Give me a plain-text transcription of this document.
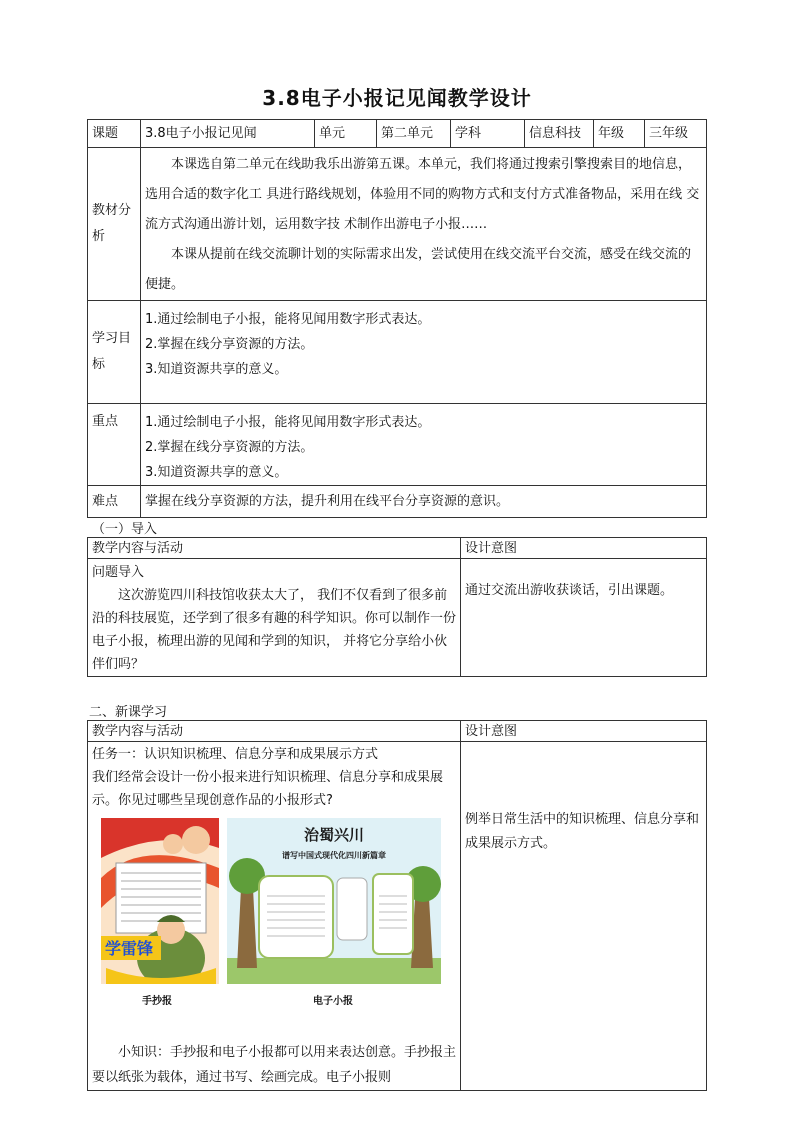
3.8电子小报记见闻教学设计
课题	3.8电子小报记见闻	单元	第二单元	学科	信息科技	年级	三年级
教材分析	本课选自第二单元在线助我乐出游第五课。本单元，我们将通过搜索引擎搜索目的地信息，选用合适的数字化工 具进行路线规划，体验用不同的购物方式和支付方式准备物品，采用在线 交流方式沟通出游计划，运用数字技 术制作出游电子小报……

本课从提前在线交流聊计划的实际需求出发，尝试使用在线交流平台交流，感受在线交流的便捷。						

学习目标	1.通过绘制电子小报，能将见闻用数字形式表达。

2.掌握在线分享资源的方法。

3.知道资源共享的意义。						

重点	1.通过绘制电子小报，能将见闻用数字形式表达。

2.掌握在线分享资源的方法。

3.知道资源共享的意义。						

难点	掌握在线分享资源的方法，提升利用在线平台分享资源的意识。						
（一）导入
教学内容与活动	设计意图

问题导入
这次游览四川科技馆收获太大了， 我们不仅看到了很多前沿的科技展览，还学到了很多有趣的科学知识。你可以制作一份电子小报，梳理出游的见闻和学到的知识， 并将它分享给小伙伴们吗？	通过交流出游收获谈话，引出课题。
二、新课学习
教学内容与活动	设计意图

任务一：认识知识梳理、信息分享和成果展示方式
我们经常会设计一份小报来进行知识梳理、信息分享和成果展示。你见过哪些呈现创意作品的小报形式?
小知识：手抄报和电子小报都可以用来表达创意。手抄报主 要以纸张为载体，通过书写、绘画完成。电子小报则	例举日常生活中的知识梳理、信息分享和成果展示方式。
学雷锋
手抄报
治蜀兴川
谱写中国式现代化四川新篇章
电子小报
